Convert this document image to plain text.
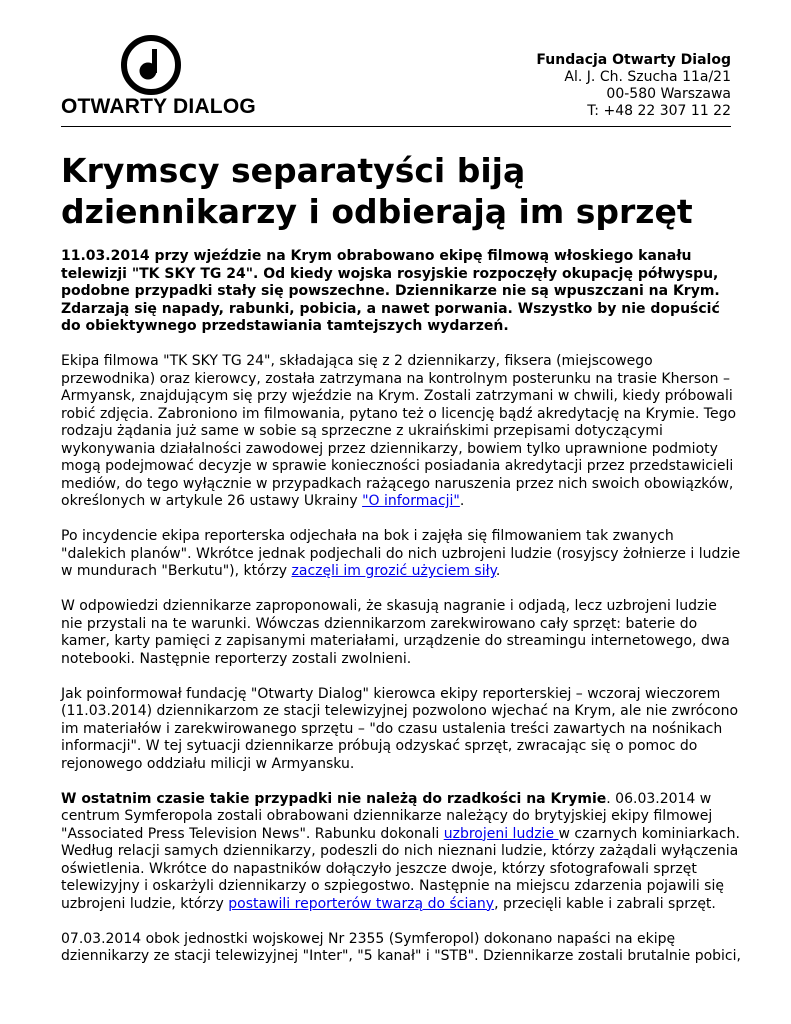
OTWARTY DIALOG
Fundacja Otwarty Dialog
Al. J. Ch. Szucha 11a/21
00-580 Warszawa
T: +48 22 307 11 22
Krymscy separatyści biją dziennikarzy i odbierają im sprzęt

11.03.2014 przy wjeździe na Krym obrabowano ekipę filmową włoskiego kanału telewizji "TK SKY TG 24". Od kiedy wojska rosyjskie rozpoczęły okupację półwyspu, podobne przypadki stały się powszechne. Dziennikarze nie są wpuszczani na Krym. Zdarzają się napady, rabunki, pobicia, a nawet porwania. Wszystko by nie dopuścić do obiektywnego przedstawiania tamtejszych wydarzeń.

Ekipa filmowa "TK SKY TG 24", składająca się z 2 dziennikarzy, fiksera (miejscowego przewodnika) oraz kierowcy, została zatrzymana na kontrolnym posterunku na trasie Kherson – Armyansk, znajdującym się przy wjeździe na Krym. Zostali zatrzymani w chwili, kiedy próbowali robić zdjęcia. Zabroniono im filmowania, pytano też o licencję bądź akredytację na Krymie. Tego rodzaju żądania już same w sobie są sprzeczne z ukraińskimi przepisami dotyczącymi wykonywania działalności zawodowej przez dziennikarzy, bowiem tylko uprawnione podmioty mogą podejmować decyzje w sprawie konieczności posiadania akredytacji przez przedstawicieli mediów, do tego wyłącznie w przypadkach rażącego naruszenia przez nich swoich obowiązków, określonych w artykule 26 ustawy Ukrainy "O informacji".

Po incydencie ekipa reporterska odjechała na bok i zajęła się filmowaniem tak zwanych "dalekich planów". Wkrótce jednak podjechali do nich uzbrojeni ludzie (rosyjscy żołnierze i ludzie w mundurach "Berkutu"), którzy zaczęli im grozić użyciem siły.

W odpowiedzi dziennikarze zaproponowali, że skasują nagranie i odjadą, lecz uzbrojeni ludzie nie przystali na te warunki. Wówczas dziennikarzom zarekwirowano cały sprzęt: baterie do kamer, karty pamięci z zapisanymi materiałami, urządzenie do streamingu internetowego, dwa notebooki. Następnie reporterzy zostali zwolnieni.

Jak poinformował fundację "Otwarty Dialog" kierowca ekipy reporterskiej – wczoraj wieczorem (11.03.2014) dziennikarzom ze stacji telewizyjnej pozwolono wjechać na Krym, ale nie zwrócono im materiałów i zarekwirowanego sprzętu – "do czasu ustalenia treści zawartych na nośnikach informacji". W tej sytuacji dziennikarze próbują odzyskać sprzęt, zwracając się o pomoc do rejonowego oddziału milicji w Armyansku.

W ostatnim czasie takie przypadki nie należą do rzadkości na Krymie. 06.03.2014 w centrum Symferopola zostali obrabowani dziennikarze należący do brytyjskiej ekipy filmowej "Associated Press Television News". Rabunku dokonali uzbrojeni ludzie w czarnych kominiarkach. Według relacji samych dziennikarzy, podeszli do nich nieznani ludzie, którzy zażądali wyłączenia oświetlenia. Wkrótce do napastników dołączyło jeszcze dwoje, którzy sfotografowali sprzęt telewizyjny i oskarżyli dziennikarzy o szpiegostwo. Następnie na miejscu zdarzenia pojawili się uzbrojeni ludzie, którzy postawili reporterów twarzą do ściany, przecięli kable i zabrali sprzęt.

07.03.2014 obok jednostki wojskowej Nr 2355 (Symferopol) dokonano napaści na ekipę dziennikarzy ze stacji telewizyjnej "Inter", "5 kanał" i "STB". Dziennikarze zostali brutalnie pobici,
